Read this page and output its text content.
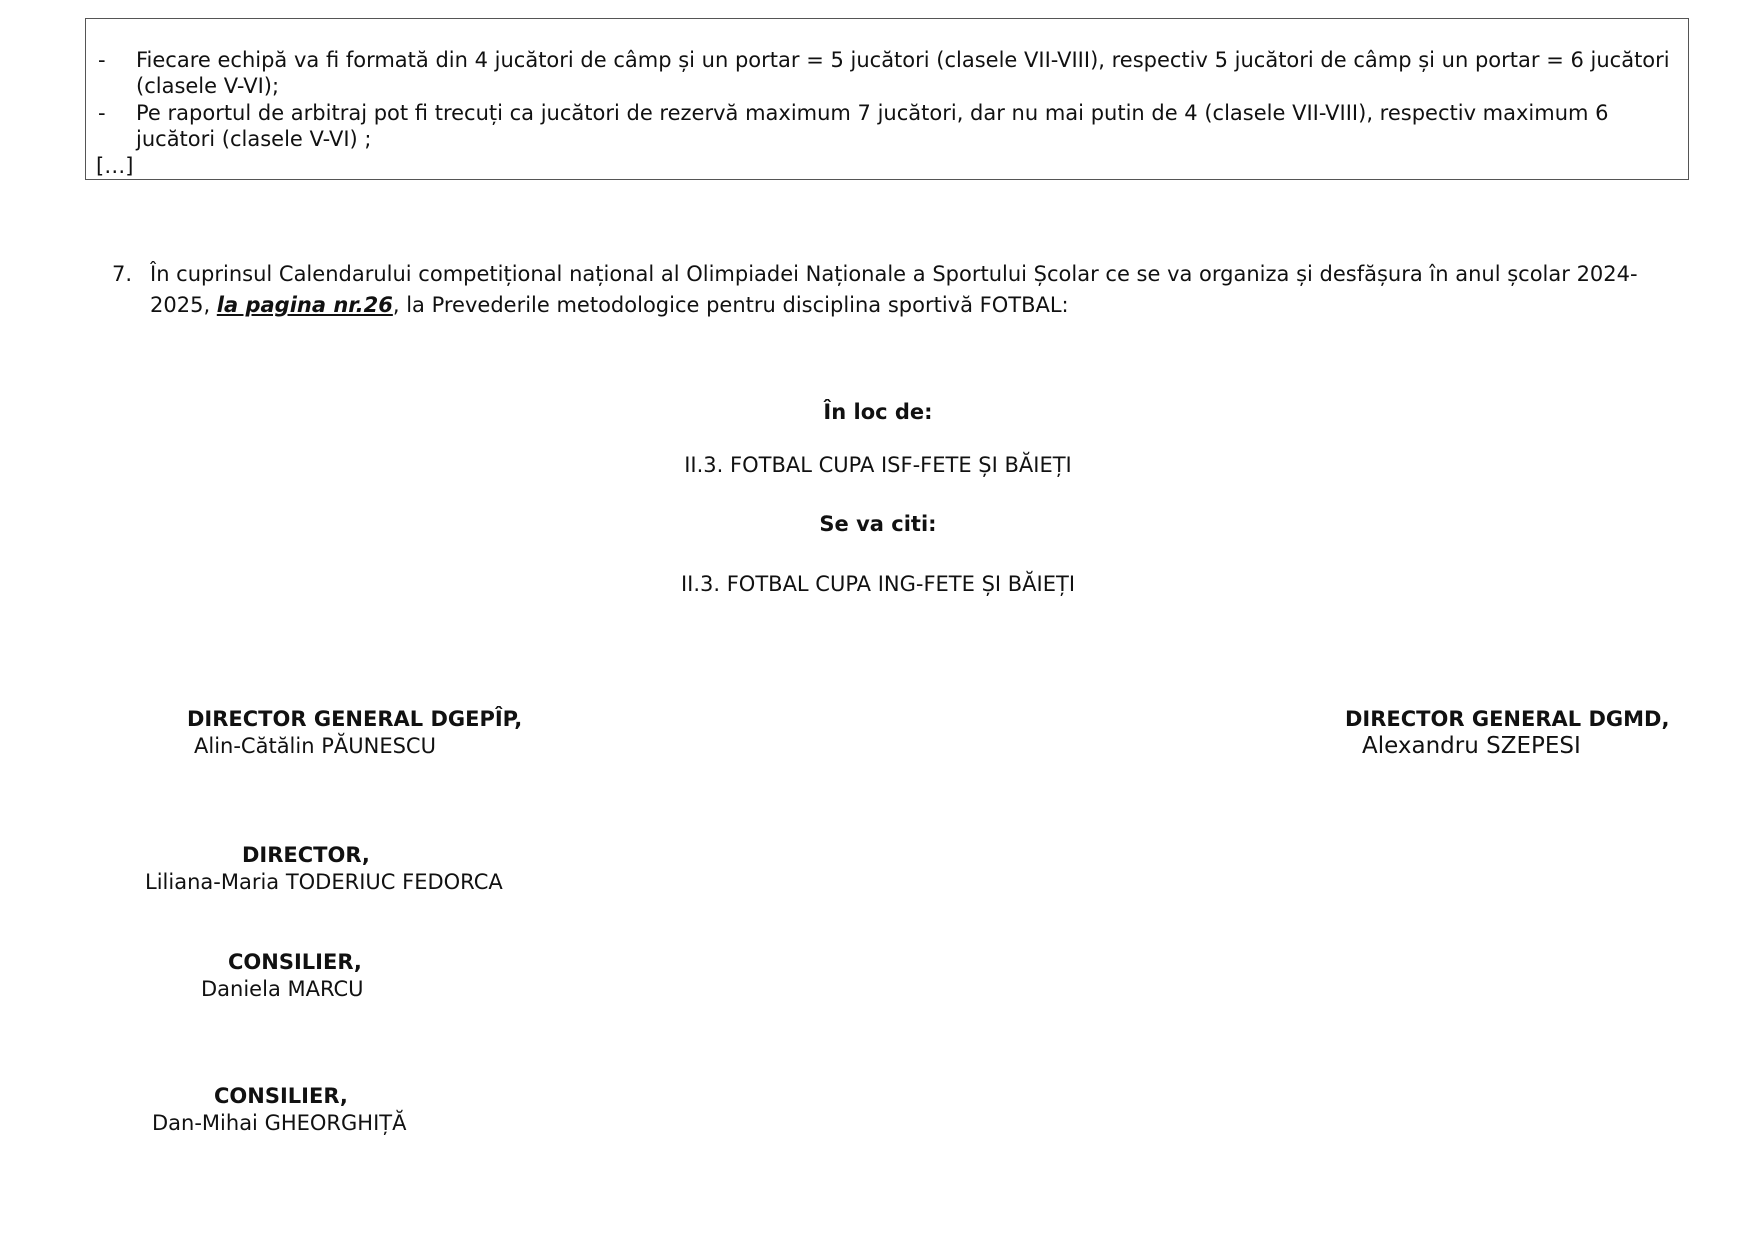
- Fiecare echipă va fi formată din 4 jucători de câmp și un portar = 5 jucători (clasele VII-VIII), respectiv 5 jucători de câmp și un portar = 6 jucători (clasele V-VI);
- Pe raportul de arbitraj pot fi trecuți ca jucători de rezervă maximum 7 jucători, dar nu mai putin de 4 (clasele VII-VIII), respectiv maximum 6 jucători (clasele V-VI) ;
[…]
7. În cuprinsul Calendarului competițional național al Olimpiadei Naționale a Sportului Școlar ce se va organiza și desfășura în anul școlar 2024-2025, la pagina nr.26, la Prevederile metodologice pentru disciplina sportivă FOTBAL:
În loc de:
II.3. FOTBAL CUPA ISF-FETE ȘI BĂIEȚI
Se va citi:
II.3. FOTBAL CUPA ING-FETE ȘI BĂIEȚI
DIRECTOR GENERAL DGEPÎP,
Alin-Cătălin PĂUNESCU
DIRECTOR GENERAL DGMD,
Alexandru SZEPESI
DIRECTOR,
Liliana-Maria TODERIUC FEDORCA
CONSILIER,
Daniela MARCU
CONSILIER,
Dan-Mihai GHEORGHIȚĂ
